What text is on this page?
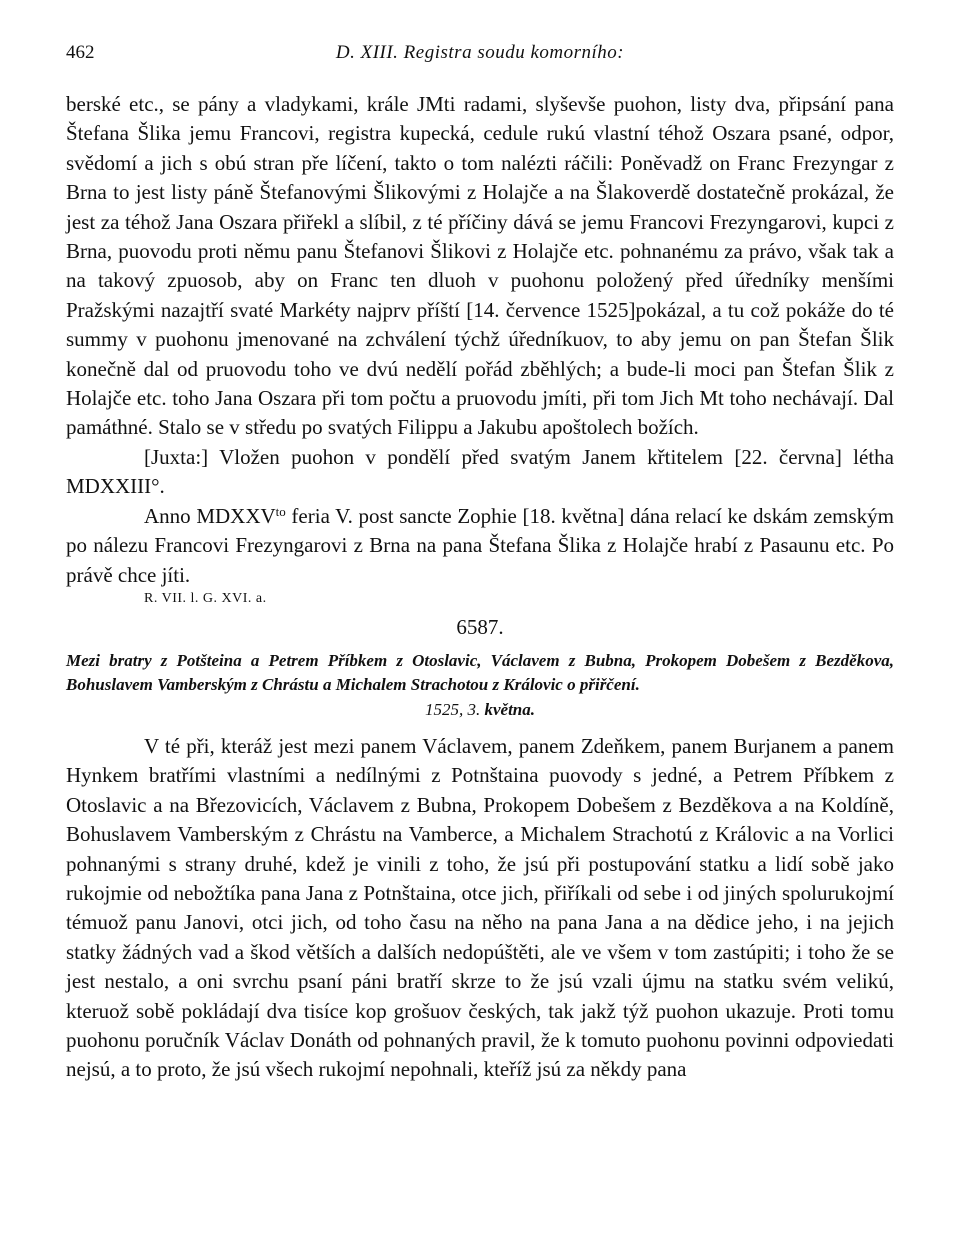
462	D. XIII. Registra soudu komorního:

berské etc., se pány a vladykami, krále JMti radami, slyševše puohon, listy dva, připsání pana Štefana Šlika jemu Francovi, registra kupecká, cedule rukú vlastní téhož Oszara psané, odpor, svědomí a jich s obú stran pře líčení, takto o tom nalézti ráčili: Poněvadž on Franc Frezyngar z Brna to jest listy páně Štefanovými Šlikovými z Holajče a na Šlakoverdě dostatečně prokázal, že jest za téhož Jana Oszara přiřekl a slíbil, z té příčiny dává se jemu Francovi Frezyngarovi, kupci z Brna, puovodu proti němu panu Štefanovi Šlikovi z Holajče etc. pohnanému za právo, však tak a na takový zpuosob, aby on Franc ten dluoh v puohonu položený před úředníky menšími Pražskými nazajtří svaté Markéty najprv příští [14. července 1525]pokázal, a tu což pokáže do té summy v puohonu jmenované na zchválení týchž úředníkuov, to aby jemu on pan Štefan Šlik konečně dal od pruovodu toho ve dvú nedělí pořád zběhlých; a bude-li moci pan Štefan Šlik z Holajče etc. toho Jana Oszara při tom počtu a pruovodu jmíti, při tom Jich Mt toho nechávají. Dal památhné. Stalo se v středu po svatých Filippu a Jakubu apoštolech božích.

[Juxta:] Vložen puohon v pondělí před svatým Janem křtitelem [22. června] létha MDXXIII°.

Anno $MDXXV^{to}$ feria V. post sancte Zophie [18. května] dána relací ke dskám zemským po nálezu Francovi Frezyngarovi z Brna na pana Štefana Šlika z Holajče hrabí z Pasaunu etc. Po právě chce jíti.

R. VII. l. G. XVI. a.

6587.

Mezi bratry z Potšteina a Petrem Příbkem z Otoslavic, Václavem z Bubna, Prokopem Dobešem z Bezděkova, Bohuslavem Vamberským z Chrástu a Michalem Strachotou z Královic o přiřčení.

1525, 3. května.

V té při, kteráž jest mezi panem Václavem, panem Zdeňkem, panem Burjanem a panem Hynkem bratřími vlastními a nedílnými z Potnštaina puovody s jedné, a Petrem Příbkem z Otoslavic a na Březovicích, Václavem z Bubna, Prokopem Dobešem z Bezděkova a na Koldíně, Bohuslavem Vamberským z Chrástu na Vamberce, a Michalem Strachotú z Královic a na Vorlici pohnanými s strany druhé, kdež je vinili z toho, že jsú při postupování statku a lidí sobě jako rukojmie od nebožtíka pana Jana z Potnštaina, otce jich, přiříkali od sebe i od jiných spolurukojmí témuož panu Janovi, otci jich, od toho času na něho na pana Jana a na dědice jeho, i na jejich statky žádných vad a škod větších a dalších nedopúštěti, ale ve všem v tom zastúpiti; i toho že se jest nestalo, a oni svrchu psaní páni bratří skrze to že jsú vzali újmu na statku svém velikú, kteruož sobě pokládají dva tisíce kop grošuov českých, tak jakž týž puohon ukazuje. Proti tomu puohonu poručník Václav Donáth od pohnaných pravil, že k tomuto puohonu povinni odpoviedati nejsú, a to proto, že jsú všech rukojmí nepohnali, kteříž jsú za někdy pana
